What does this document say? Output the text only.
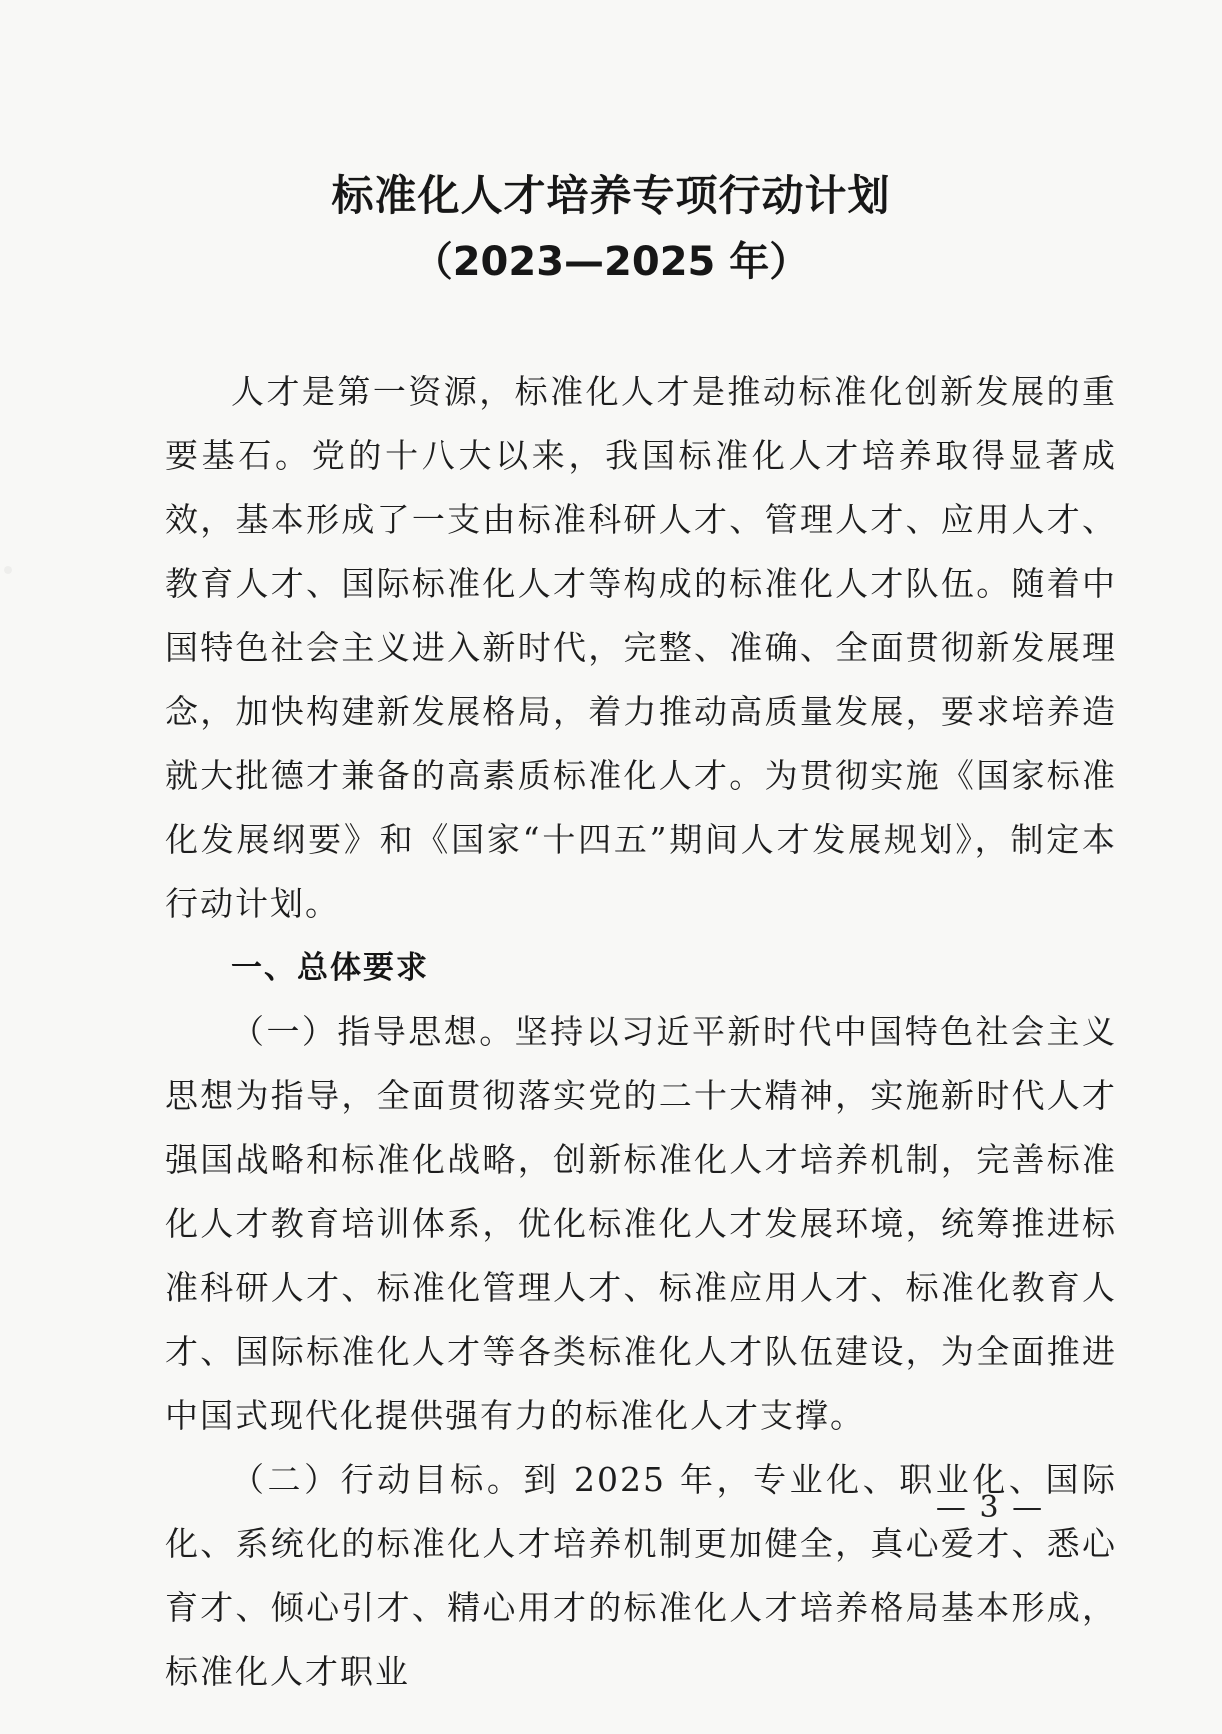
标准化人才培养专项行动计划
（2023—2025 年）

人才是第一资源，标准化人才是推动标准化创新发展的重要基石。党的十八大以来，我国标准化人才培养取得显著成效，基本形成了一支由标准科研人才、管理人才、应用人才、教育人才、国际标准化人才等构成的标准化人才队伍。随着中国特色社会主义进入新时代，完整、准确、全面贯彻新发展理念，加快构建新发展格局，着力推动高质量发展，要求培养造就大批德才兼备的高素质标准化人才。为贯彻实施《国家标准化发展纲要》和《国家“十四五”期间人才发展规划》，制定本行动计划。

一、总体要求

（一）指导思想。坚持以习近平新时代中国特色社会主义思想为指导，全面贯彻落实党的二十大精神，实施新时代人才强国战略和标准化战略，创新标准化人才培养机制，完善标准化人才教育培训体系，优化标准化人才发展环境，统筹推进标准科研人才、标准化管理人才、标准应用人才、标准化教育人才、国际标准化人才等各类标准化人才队伍建设，为全面推进中国式现代化提供强有力的标准化人才支撑。

（二）行动目标。到 2025 年，专业化、职业化、国际化、系统化的标准化人才培养机制更加健全，真心爱才、悉心育才、倾心引才、精心用才的标准化人才培养格局基本形成，标准化人才职业

— 3 —
